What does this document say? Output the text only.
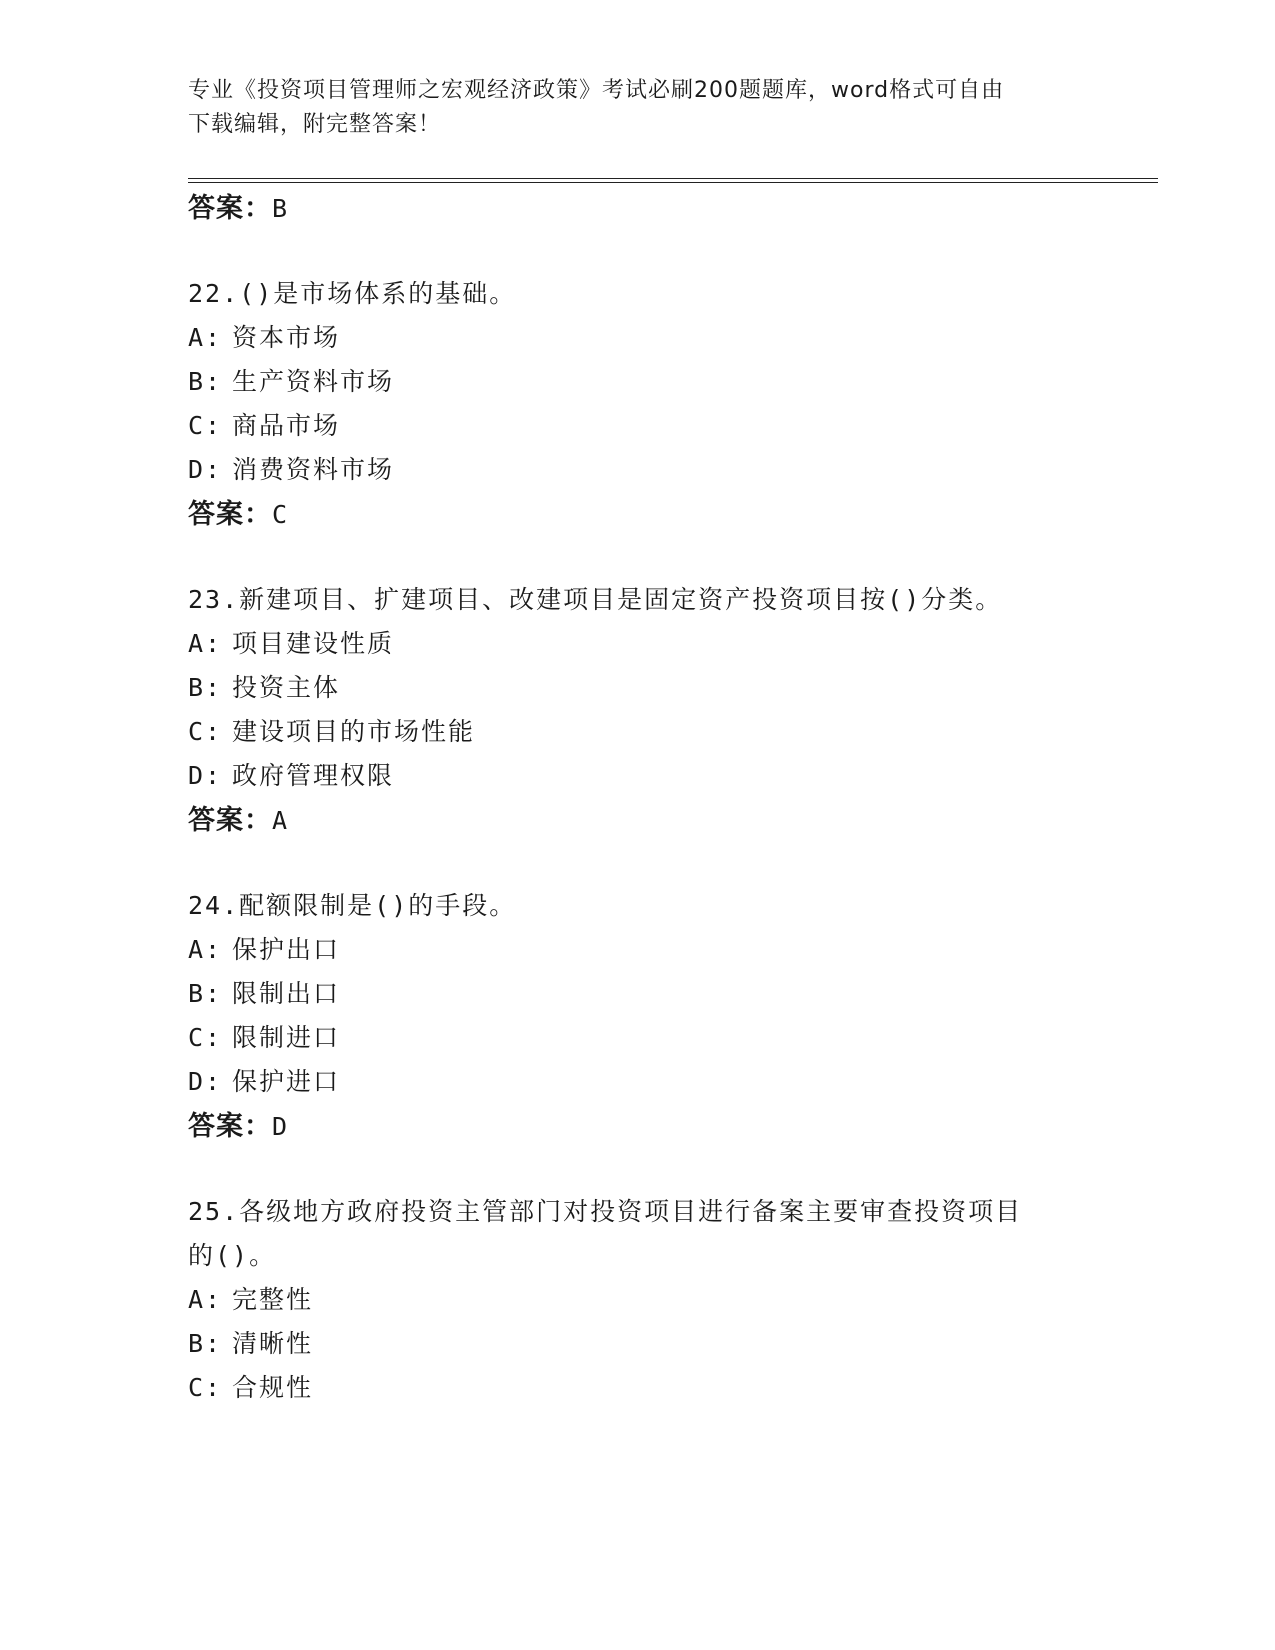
专业《投资项目管理师之宏观经济政策》考试必刷200题题库，word格式可自由
下载编辑，附完整答案！
答案：B
22.()是市场体系的基础。
A: 资本市场
B: 生产资料市场
C: 商品市场
D: 消费资料市场
答案：C
23.新建项目、扩建项目、改建项目是固定资产投资项目按()分类。
A: 项目建设性质
B: 投资主体
C: 建设项目的市场性能
D: 政府管理权限
答案：A
24.配额限制是()的手段。
A: 保护出口
B: 限制出口
C: 限制进口
D: 保护进口
答案：D
25.各级地方政府投资主管部门对投资项目进行备案主要审查投资项目
的()。
A: 完整性
B: 清晰性
C: 合规性
